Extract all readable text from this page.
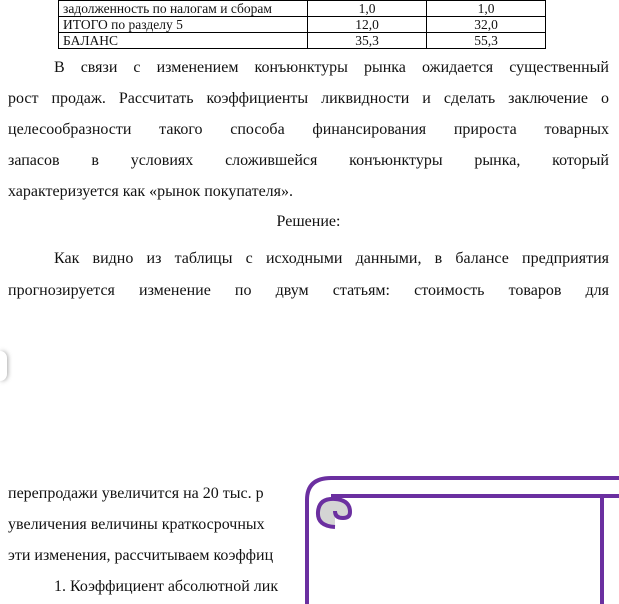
задолженность по налогам и сборам	1,0	1,0
ИТОГО по разделу 5	12,0	32,0
БАЛАНС	35,3	55,3

В связи с изменением конъюнктуры рынка ожидается существенный

рост продаж. Рассчитать коэффициенты ликвидности и сделать заключение о

целесообразности такого способа финансирования прироста товарных

запасов в условиях сложившейся конъюнктуры рынка, который

характеризуется как «рынок покупателя».

Решение:

Как видно из таблицы с исходными данными, в балансе предприятия

прогнозируется изменение по двум статьям: стоимость товаров для

перепродажи увеличится на 20 тыс. р

увеличения величины краткосрочных

эти изменения, рассчитываем коэффиц

1. Коэффициент абсолютной лик
